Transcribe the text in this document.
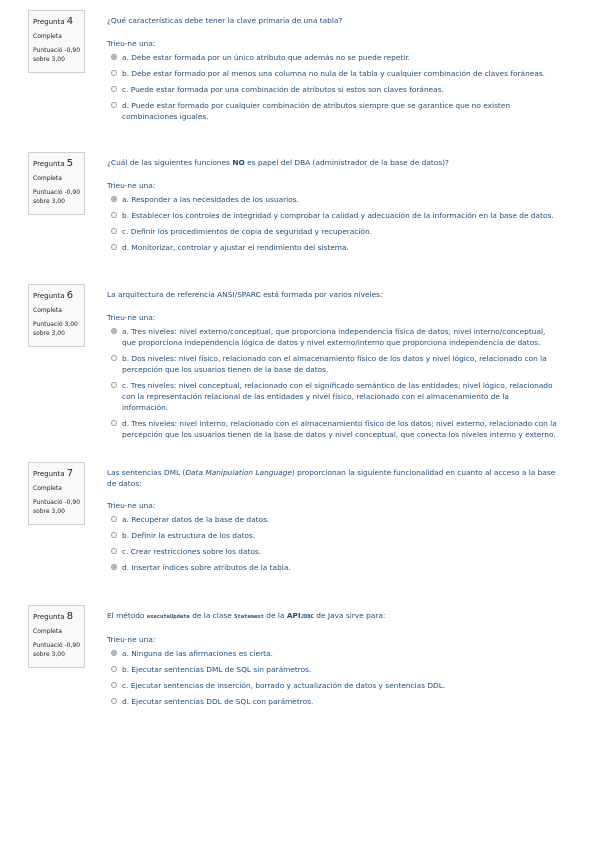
Pregunta 4
Completa
Puntuació -0,90
sobre 3,00
¿Qué características debe tener la clave primaria de una tabla?
Trieu-ne una:
a. Debe estar formada por un único atributo que además no se puede repetir.
b. Debe estar formado por al menos una columna no nula de la tabla y cualquier combinación de claves foráneas.
c. Puede estar formada por una combinación de atributos si estos son claves foráneas.
d. Puede estar formado por cualquier combinación de atributos siempre que se garantice que no existen combinaciones iguales.
Pregunta 5
Completa
Puntuació -0,90
sobre 3,00
¿Cuál de las siguientes funciones NO es papel del DBA (administrador de la base de datos)?
Trieu-ne una:
a. Responder a las necesidades de los usuarios.
b. Establecer los controles de integridad y comprobar la calidad y adecuación de la información en la base de datos.
c. Definir los procedimientos de copia de seguridad y recuperación.
d. Monitorizar, controlar y ajustar el rendimiento del sistema.
Pregunta 6
Completa
Puntuació 3,00
sobre 3,00
La arquitectura de referencia ANSI/SPARC está formada por varios niveles:
Trieu-ne una:
a. Tres niveles: nivel externo/conceptual, que proporciona independencia física de datos; nivel interno/conceptual, que proporciona independencia lógica de datos y nivel externo/interno que proporciona independencia de datos.
b. Dos niveles: nivel físico, relacionado con el almacenamiento físico de los datos y nivel lógico, relacionado con la percepción que los usuarios tienen de la base de datos.
c. Tres niveles: nivel conceptual, relacionado con el significado semántico de las entidades; nivel lógico, relacionado con la representación relacional de las entidades y nivel físico, relacionado con el almacenamiento de la información.
d. Tres niveles: nivel interno, relacionado con el almacenamiento físico de los datos; nivel externo, relacionado con la percepción que los usuarios tienen de la base de datos y nivel conceptual, que conecta los niveles interno y externo.
Pregunta 7
Completa
Puntuació -0,90
sobre 3,00
Las sentencias DML (Data Manipulation Language) proporcionan la siguiente funcionalidad en cuanto al acceso a la base de datos:
Trieu-ne una:
a. Recuperar datos de la base de datos.
b. Definir la estructura de los datos.
c. Crear restricciones sobre los datos.
d. Insertar índices sobre atributos de la tabla.
Pregunta 8
Completa
Puntuació -0,90
sobre 3,00
El método executeUpdate de la clase Statement de la APIJDBC de Java sirve para:
Trieu-ne una:
a. Ninguna de las afirmaciones es cierta.
b. Ejecutar sentencias DML de SQL sin parámetros.
c. Ejecutar sentencias de inserción, borrado y actualización de datos y sentencias DDL.
d. Ejecutar sentencias DDL de SQL con parámetros.
